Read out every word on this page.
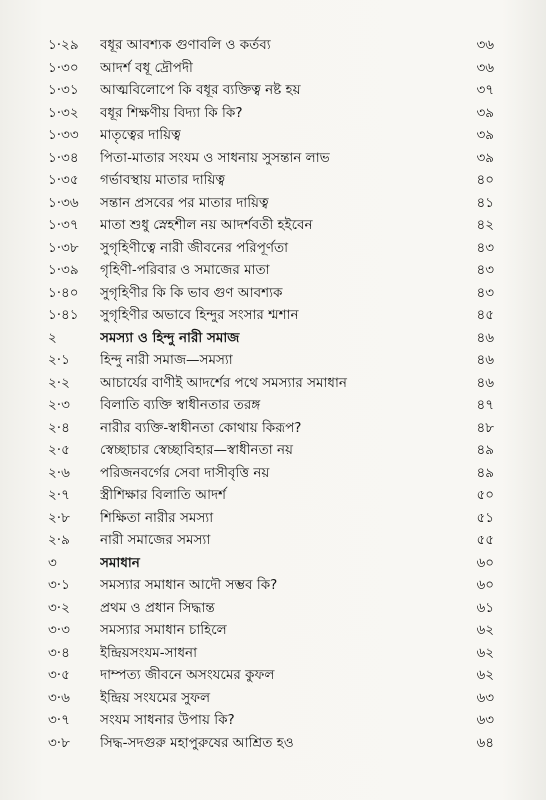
১·২৯	বধূর আবশ্যক গুণাবলি ও কর্তব্য	৩৬
১·৩০	আদর্শ বধূ দ্রৌপদী	৩৬
১·৩১	আত্মবিলোপে কি বধূর ব্যক্তিত্ব নষ্ট হয়	৩৭
১·৩২	বধূর শিক্ষণীয় বিদ্যা কি কি?	৩৯
১·৩৩	মাতৃত্বের দায়িত্ব	৩৯
১·৩৪	পিতা-মাতার সংযম ও সাধনায় সুসন্তান লাভ	৩৯
১·৩৫	গর্ভাবস্থায় মাতার দায়িত্ব	৪০
১·৩৬	সন্তান প্রসবের পর মাতার দায়িত্ব	৪১
১·৩৭	মাতা শুধু স্নেহশীল নয় আদর্শবতী হইবেন	৪২
১·৩৮	সুগৃহিণীত্বে নারী জীবনের পরিপূর্ণতা	৪৩
১·৩৯	গৃহিণী-পরিবার ও সমাজের মাতা	৪৩
১·৪০	সুগৃহিণীর কি কি ভাব গুণ আবশ্যক	৪৩
১·৪১	সুগৃহিণীর অভাবে হিন্দুর সংসার শ্মশান	৪৫
২	সমস্যা ও হিন্দু নারী সমাজ	৪৬
২·১	হিন্দু নারী সমাজ—সমস্যা	৪৬
২·২	আচার্যের বাণীই আদর্শের পথে সমস্যার সমাধান	৪৬
২·৩	বিলাতি ব্যক্তি স্বাধীনতার তরঙ্গ	৪৭
২·৪	নারীর ব্যক্তি-স্বাধীনতা কোথায় কিরূপ?	৪৮
২·৫	স্বেচ্ছাচার স্বেচ্ছাবিহার—স্বাধীনতা নয়	৪৯
২·৬	পরিজনবর্গের সেবা দাসীবৃত্তি নয়	৪৯
২·৭	স্ত্রীশিক্ষার বিলাতি আদর্শ	৫০
২·৮	শিক্ষিতা নারীর সমস্যা	৫১
২·৯	নারী সমাজের সমস্যা	৫৫
৩	সমাধান	৬০
৩·১	সমস্যার সমাধান আদৌ সম্ভব কি?	৬০
৩·২	প্রথম ও প্রধান সিদ্ধান্ত	৬১
৩·৩	সমস্যার সমাধান চাহিলে	৬২
৩·৪	ইন্দ্রিয়সংযম-সাধনা	৬২
৩·৫	দাম্পত্য জীবনে অসংযমের কুফল	৬২
৩·৬	ইন্দ্রিয় সংযমের সুফল	৬৩
৩·৭	সংযম সাধনার উপায় কি?	৬৩
৩·৮	সিদ্ধ-সদগুরু মহাপুরুষের আশ্রিত হও	৬৪
